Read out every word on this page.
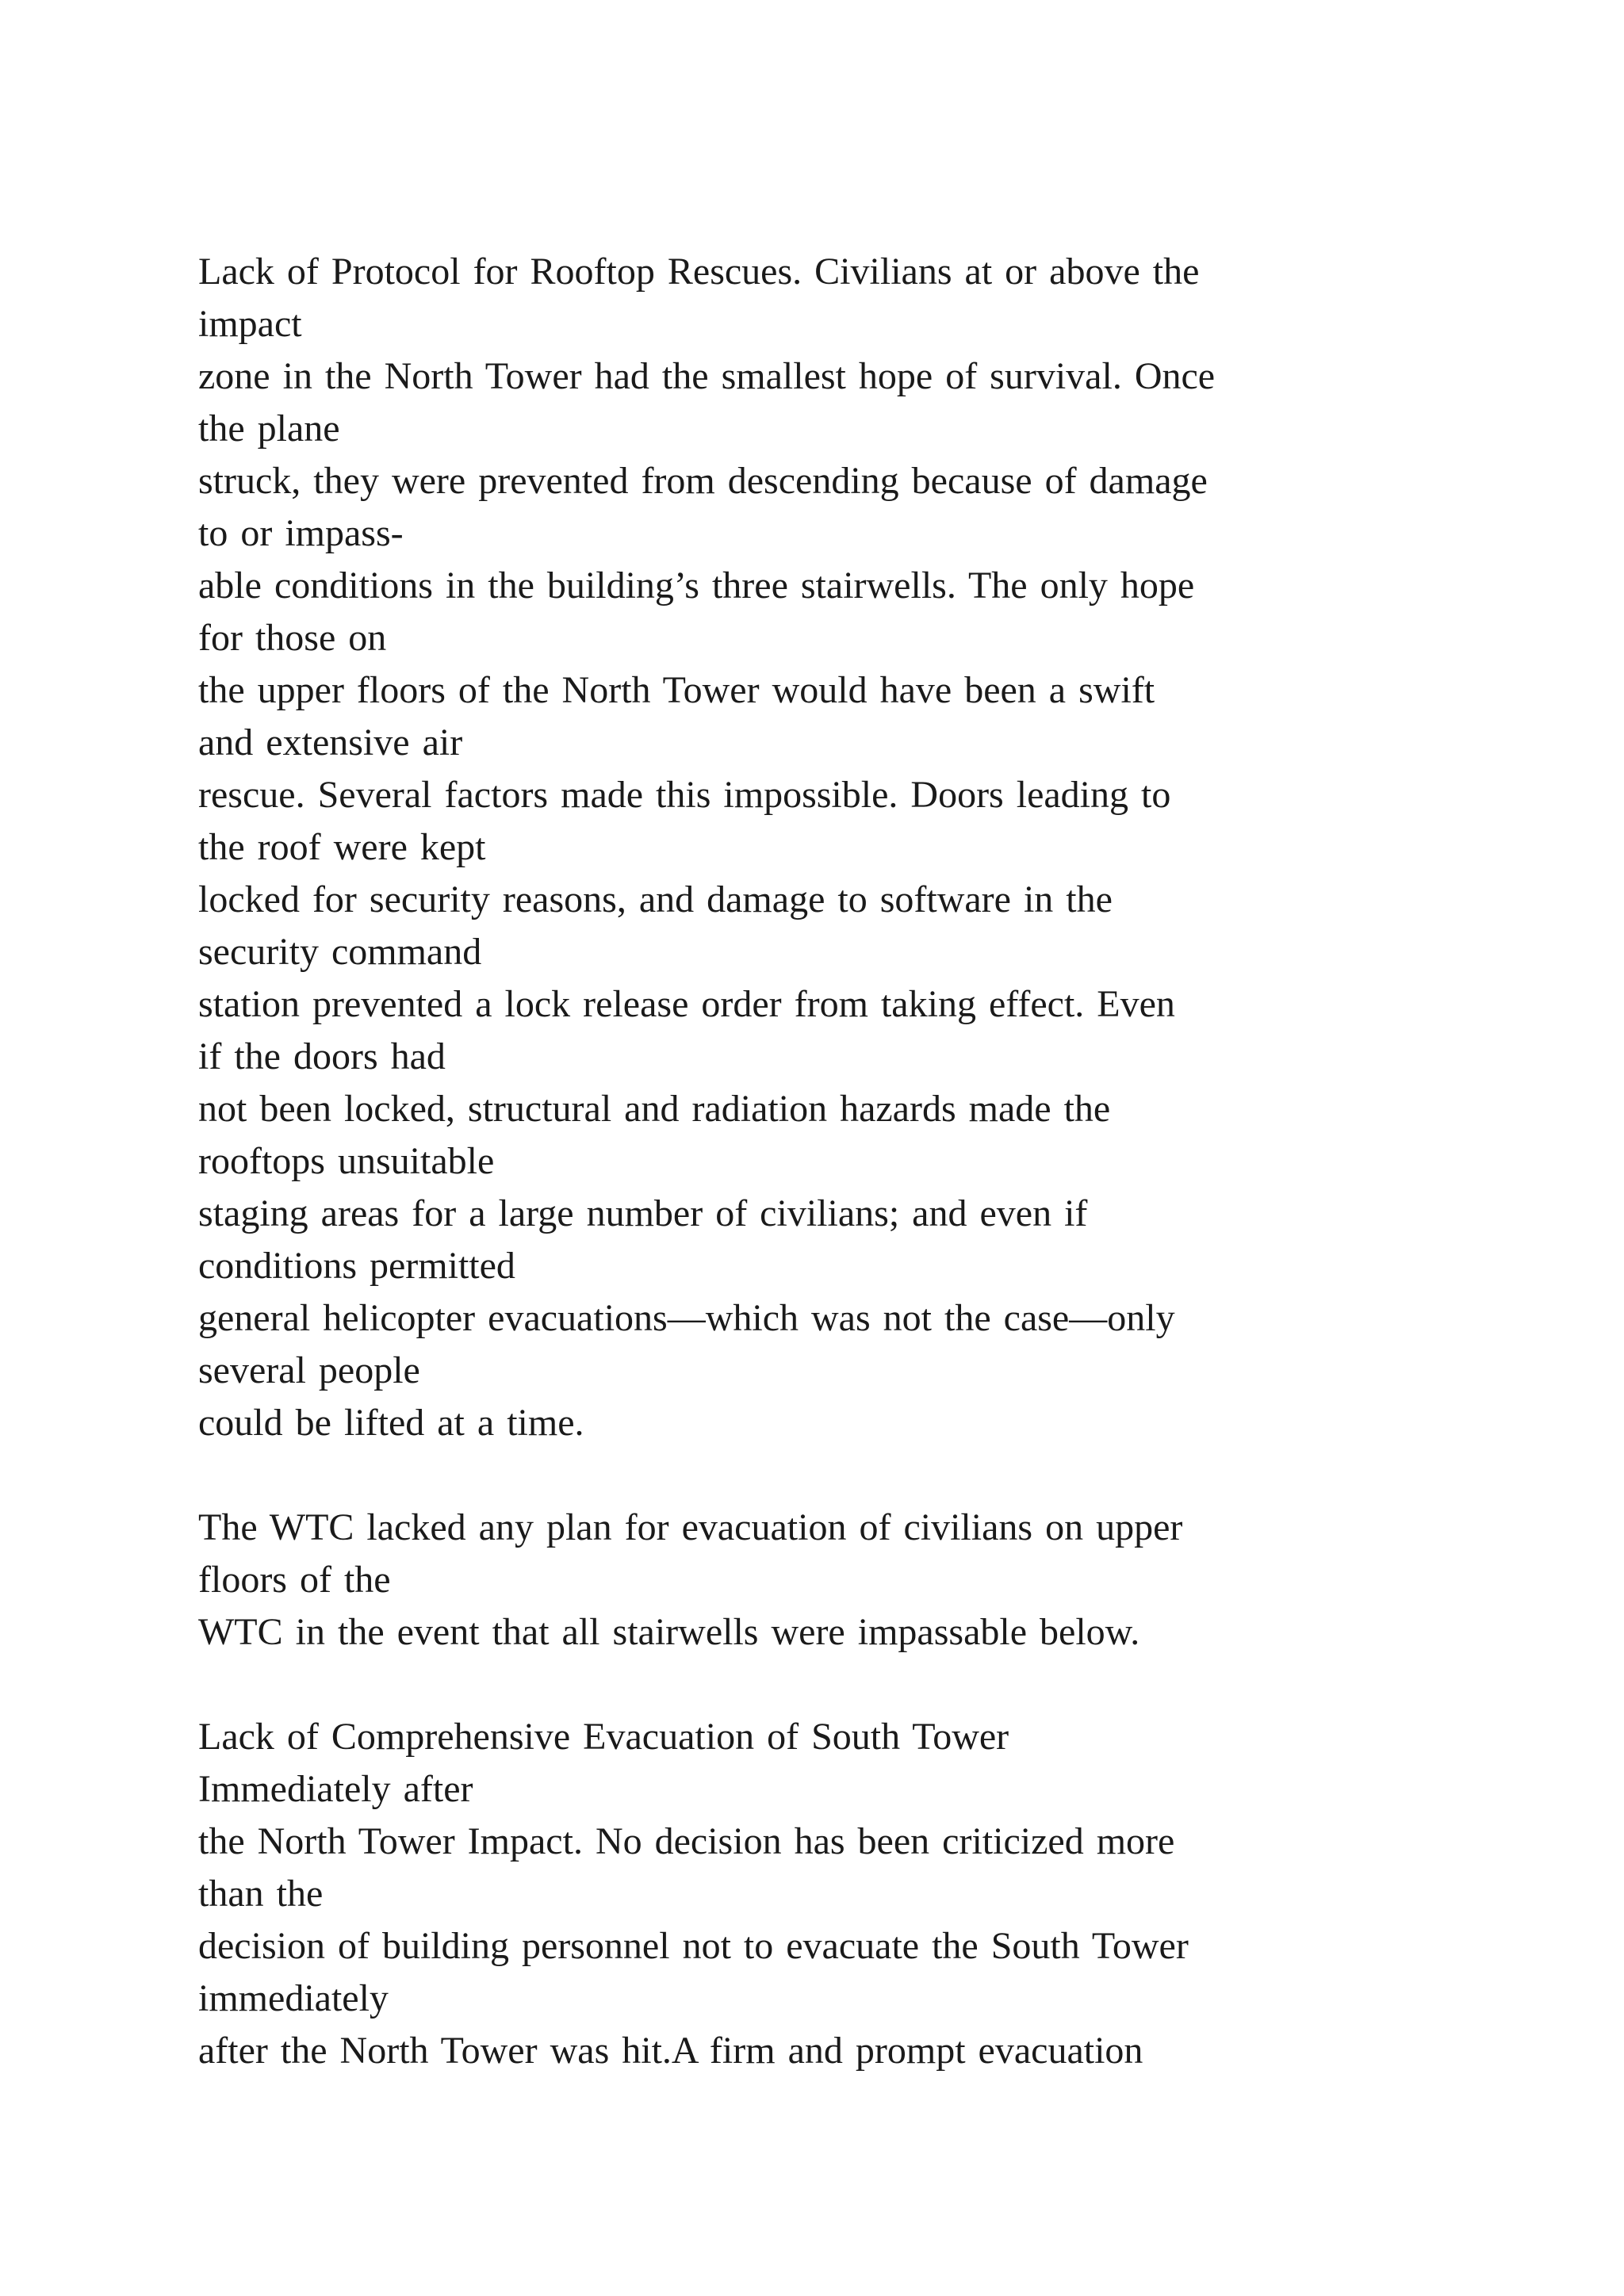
Lack of Protocol for Rooftop Rescues. Civilians at or above the
impact
zone in the North Tower had the smallest hope of survival. Once
the plane
struck, they were prevented from descending because of damage
to or impass-
able conditions in the building’s three stairwells. The only hope
for those on
the upper floors of the North Tower would have been a swift
and extensive air
rescue. Several factors made this impossible. Doors leading to
the roof were kept
locked for security reasons, and damage to software in the
security command
station prevented a lock release order from taking effect. Even
if the doors had
not been locked, structural and radiation hazards made the
rooftops unsuitable
staging areas for a large number of civilians; and even if
conditions permitted
general helicopter evacuations—which was not the case—only
several people
could be lifted at a time.
The WTC lacked any plan for evacuation of civilians on upper
floors of the
WTC in the event that all stairwells were impassable below.
Lack of Comprehensive Evacuation of South Tower
Immediately after
the North Tower Impact. No decision has been criticized more
than the
decision of building personnel not to evacuate the South Tower
immediately
after the North Tower was hit.A firm and prompt evacuation
